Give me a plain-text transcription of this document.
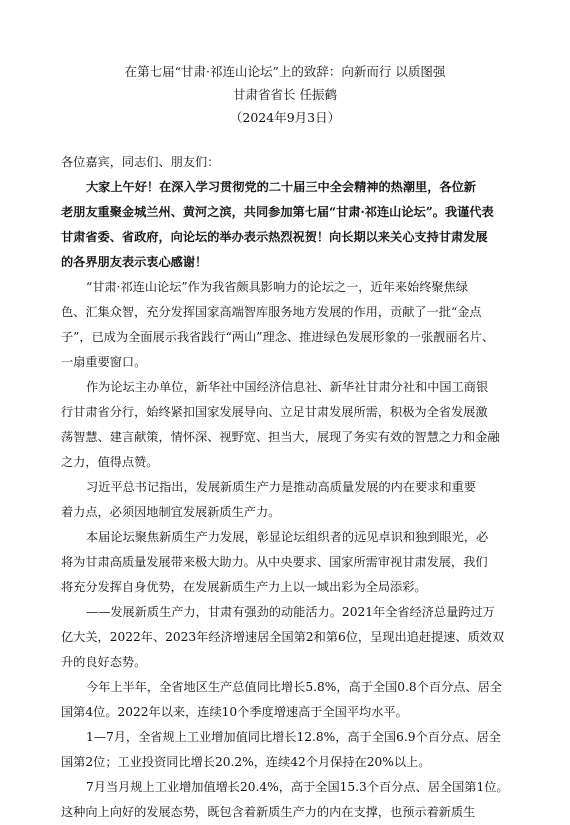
在第七届“甘肃·祁连山论坛”上的致辞：向新而行 以质图强
甘肃省省长 任振鹤
（2024年9月3日）
各位嘉宾，同志们、朋友们：
大家上午好！在深入学习贯彻党的二十届三中全会精神的热潮里，各位新
老朋友重聚金城兰州、黄河之滨，共同参加第七届“甘肃·祁连山论坛”。我谨代表
甘肃省委、省政府，向论坛的举办表示热烈祝贺！向长期以来关心支持甘肃发展
的各界朋友表示衷心感谢！
“甘肃·祁连山论坛”作为我省颇具影响力的论坛之一，近年来始终聚焦绿
色、汇集众智，充分发挥国家高端智库服务地方发展的作用，贡献了一批“金点
子”，已成为全面展示我省践行“两山”理念、推进绿色发展形象的一张靓丽名片、
一扇重要窗口。
作为论坛主办单位，新华社中国经济信息社、新华社甘肃分社和中国工商银
行甘肃省分行，始终紧扣国家发展导向、立足甘肃发展所需，积极为全省发展激
荡智慧、建言献策，情怀深、视野宽、担当大，展现了务实有效的智慧之力和金融
之力，值得点赞。
习近平总书记指出，发展新质生产力是推动高质量发展的内在要求和重要
着力点，必须因地制宜发展新质生产力。
本届论坛聚焦新质生产力发展，彰显论坛组织者的远见卓识和独到眼光，必
将为甘肃高质量发展带来极大助力。从中央要求、国家所需审视甘肃发展，我们
将充分发挥自身优势，在发展新质生产力上以一域出彩为全局添彩。
——发展新质生产力，甘肃有强劲的动能活力。2021年全省经济总量跨过万
亿大关，2022年、2023年经济增速居全国第2和第6位，呈现出追赶提速、质效双
升的良好态势。
今年上半年，全省地区生产总值同比增长5.8%，高于全国0.8个百分点、居全
国第4位。2022年以来，连续10个季度增速高于全国平均水平。
1—7月，全省规上工业增加值同比增长12.8%，高于全国6.9个百分点、居全
国第2位；工业投资同比增长20.2%，连续42个月保持在20%以上。
7月当月规上工业增加值增长20.4%，高于全国15.3个百分点、居全国第1位。
这种向上向好的发展态势，既包含着新质生产力的内在支撑，也预示着新质生
